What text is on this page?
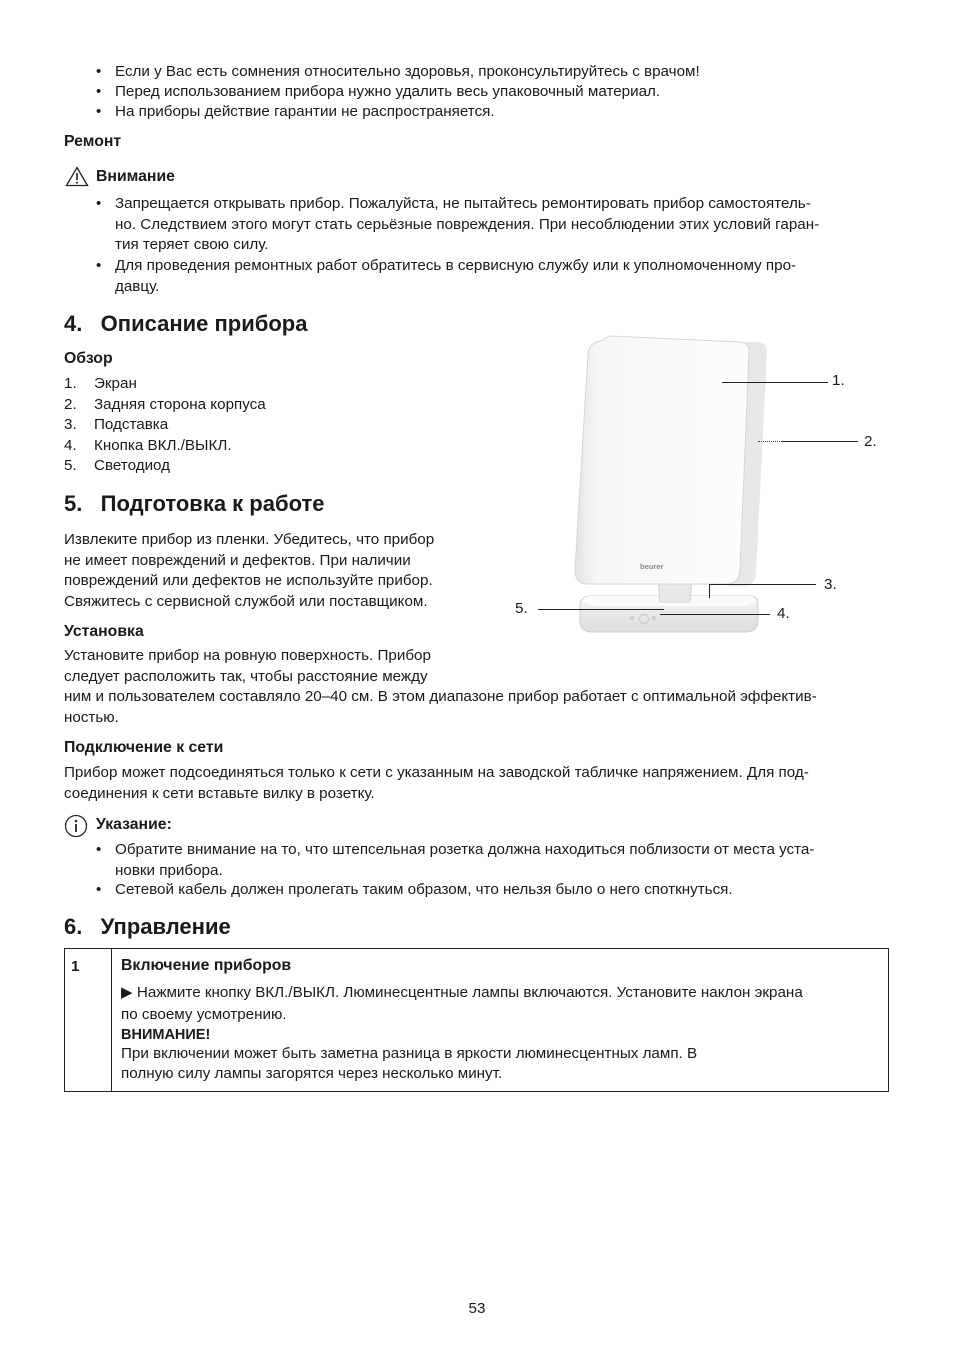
• Если у Вас есть сомнения относительно здоровья, проконсультируйтесь с врачом!
• Перед использованием прибора нужно удалить весь упаковочный материал.
• На приборы действие гарантии не распространяется.
Ремонт
Внимание
• Запрещается открывать прибор. Пожалуйста, не пытайтесь ремонтировать прибор самостоятель-
но. Следствием этого могут стать серьёзные повреждения. При несоблюдении этих условий гаран-
тия теряет свою силу.
• Для проведения ремонтных работ обратитесь в сервисную службу или к уполномоченному про-
давцу.
4.   Описание прибора
Обзор
1.	Экран
2.	Задняя сторона корпуса
3.	Подставка
4.	Кнопка ВКЛ./ВЫКЛ.
5.	Светодиод
beurer
1.
2.
3.
5.	4.
5.   Подготовка к работе
Извлеките прибор из пленки. Убедитесь, что прибор
не имеет повреждений и дефектов. При наличии
повреждений или дефектов не используйте прибор.
Свяжитесь с сервисной службой или поставщиком.
Установка
Установите прибор на ровную поверхность. Прибор
следует расположить так, чтобы расстояние между
ним и пользователем составляло 20–40 см. В этом диапазоне прибор работает с оптимальной эффектив-
ностью.
Подключение к сети
Прибор может подсоединяться только к сети с указанным на заводской табличке напряжением. Для под-
соединения к сети вставьте вилку в розетку.
Указание:
• Обратите внимание на то, что штепсельная розетка должна находиться поблизости от места уста-
новки прибора.
• Сетевой кабель должен пролегать таким образом, что нельзя было о него споткнуться.
6.   Управление
1	Включение приборов
▶ Нажмите кнопку ВКЛ./ВЫКЛ. Люминесцентные лампы включаются. Установите наклон экрана
по своему усмотрению.
ВНИМАНИЕ!
При включении может быть заметна разница в яркости люминесцентных ламп. В
полную силу лампы загорятся через несколько минут.
53
